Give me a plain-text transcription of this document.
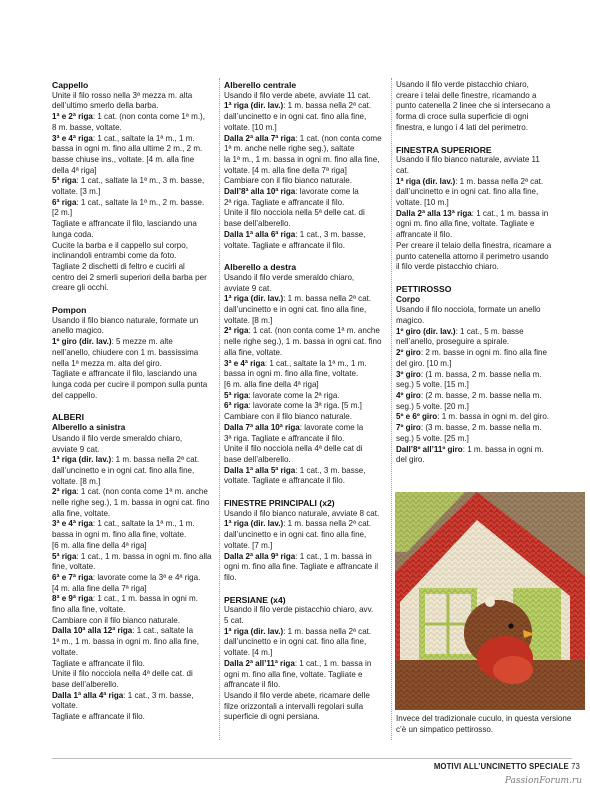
Cappello
Unite il filo rosso nella 3ª mezza m. alta
dell’ultimo smerlo della barba.
1ª e 2ª riga: 1 cat. (non conta come 1ª m.),
8 m. basse, voltate.
3ª e 4ª riga: 1 cat., saltate la 1ª m., 1 m.
bassa in ogni m. fino alla ultime 2 m., 2 m.
basse chiuse ins., voltate. [4 m. alla fine
della 4ª riga]
5ª riga: 1 cat., saltate la 1ª m., 3 m. basse,
voltate. [3 m.]
6ª riga: 1 cat., saltate la 1ª m., 2 m. basse.
[2 m.]
Tagliate e affrancate il filo, lasciando una
lunga coda.
Cucite la barba e il cappello sul corpo,
inclinandoli entrambi come da foto.
Tagliate 2 dischetti di feltro e cucirli al
centro dei 2 smerli superiori della barba per
creare gli occhi.
Pompon
Usando il filo bianco naturale, formate un
anello magico.
1º giro (dir. lav.): 5 mezze m. alte
nell’anello, chiudere con 1 m. bassissima
nella 1ª mezza m. alta del giro.
Tagliate e affrancate il filo, lasciando una
lunga coda per cucire il pompon sulla punta
del cappello.
ALBERI
Alberello a sinistra
Usando il filo verde smeraldo chiaro,
avviate 9 cat.
1ª riga (dir. lav.): 1 m. bassa nella 2ª cat.
dall’uncinetto e in ogni cat. fino alla fine,
voltate. [8 m.]
2ª riga: 1 cat. (non conta come 1ª m. anche
nelle righe seg.), 1 m. bassa in ogni cat. fino
alla fine, voltate.
3ª e 4ª riga: 1 cat., saltate la 1ª m., 1 m.
bassa in ogni m. fino alla fine, voltate.
[6 m. alla fine della 4ª riga]
5ª riga: 1 cat., 1 m. bassa in ogni m. fino alla
fine, voltate.
6ª e 7ª riga: lavorate come la 3ª e 4ª riga.
[4 m. alla fine della 7ª riga]
8ª e 9ª riga: 1 cat., 1 m. bassa in ogni m.
fino alla fine, voltate.
Cambiare con il filo bianco naturale.
Dalla 10ª alla 12ª riga: 1 cat., saltate la
1ª m., 1 m. bassa in ogni m. fino alla fine,
voltate.
Tagliate e affrancate il filo.
Unite il filo nocciola nella 4ª delle cat. di
base dell’alberello.
Dalla 1ª alla 4ª riga: 1 cat., 3 m. basse,
voltate.
Tagliate e affrancate il filo.
Alberello centrale
Usando il filo verde abete, avviate 11 cat.
1ª riga (dir. lav.): 1 m. bassa nella 2ª cat.
dall’uncinetto e in ogni cat. fino alla fine,
voltate. [10 m.]
Dalla 2ª alla 7ª riga: 1 cat. (non conta come
1ª m. anche nelle righe seg.), saltate
la 1ª m., 1 m. bassa in ogni m. fino alla fine,
voltate. [4 m. alla fine della 7ª riga]
Cambiare con il filo bianco naturale.
Dall’8ª alla 10ª riga: lavorate come la
2ª riga. Tagliate e affrancate il filo.
Unite il filo nocciola nella 5ª delle cat. di
base dell’alberello.
Dalla 1ª alla 6ª riga: 1 cat., 3 m. basse,
voltate. Tagliate e affrancate il filo.
Alberello a destra
Usando il filo verde smeraldo chiaro,
avviate 9 cat.
1ª riga (dir. lav.): 1 m. bassa nella 2ª cat.
dall’uncinetto e in ogni cat. fino alla fine,
voltate. [8 m.]
2ª riga: 1 cat. (non conta come 1ª m. anche
nelle righe seg.), 1 m. bassa in ogni cat. fino
alla fine, voltate.
3ª e 4ª riga: 1 cat., saltate la 1ª m., 1 m.
bassa in ogni m. fino alla fine, voltate.
[6 m. alla fine della 4ª riga]
5ª riga: lavorate come la 2ª riga.
6ª riga: lavorate come la 3ª riga. [5 m.]
Cambiare con il filo bianco naturale.
Dalla 7ª alla 10ª riga: lavorate come la
3ª riga. Tagliate e affrancate il filo.
Unite il filo nocciola nella 4ª delle cat di
base dell’alberello.
Dalla 1ª alla 5ª riga: 1 cat., 3 m. basse,
voltate. Tagliate e affrancate il filo.
FINESTRE PRINCIPALI (x2)
Usando il filo bianco naturale, avviate 8 cat.
1ª riga (dir. lav.): 1 m. bassa nella 2ª cat.
dall’uncinetto e in ogni cat. fino alla fine,
voltate. [7 m.]
Dalla 2ª alla 9ª riga: 1 cat., 1 m. bassa in
ogni m. fino alla fine. Tagliate e affrancate il
filo.
PERSIANE (x4)
Usando il filo verde pistacchio chiaro, avv.
5 cat.
1ª riga (dir. lav.): 1 m. bassa nella 2ª cat.
dall’uncinetto e in ogni cat. fino alla fine,
voltate. [4 m.]
Dalla 2ª all’11ª riga: 1 cat., 1 m. bassa in
ogni m. fino alla fine, voltate. Tagliate e
affrancate il filo.
Usando il filo verde abete, ricamare delle
filze orizzontali a intervalli regolari sulla
superficie di ogni persiana.
Usando il filo verde pistacchio chiaro,
creare i telai delle finestre, ricamando a
punto catenella 2 linee che si intersecano a
forma di croce sulla superficie di ogni
finestra, e lungo i 4 lati del perimetro.
FINESTRA SUPERIORE
Usando il filo bianco naturale, avviate 11
cat.
1ª riga (dir. lav.): 1 m. bassa nella 2ª cat.
dall’uncinetto e in ogni cat. fino alla fine,
voltate. [10 m.]
Dalla 2ª alla 13ª riga: 1 cat., 1 m. bassa in
ogni m. fino alla fine, voltate. Tagliate e
affrancate il filo.
Per creare il telaio della finestra, ricamare a
punto catenella attorno il perimetro usando
il filo verde pistacchio chiaro.
PETTIROSSO
Corpo
Usando il filo nocciola, formate un anello
magico.
1º giro (dir. lav.): 1 cat., 5 m. basse
nell’anello, proseguire a spirale.
2º giro: 2 m. basse in ogni m. fino alla fine
del giro. [10 m.]
3º giro: (1 m. bassa, 2 m. basse nella m.
seg.) 5 volte. [15 m.]
4º giro: (2 m. basse, 2 m. basse nella m.
seg.) 5 volte. [20 m.]
5º e 6º giro: 1 m. bassa in ogni m. del giro.
7º giro: (3 m. basse, 2 m. basse nella m.
seg.) 5 volte. [25 m.]
Dall’8º all’11º giro: 1 m. bassa in ogni m.
del giro.
Invece del tradizionale cuculo, in questa versione c’è un simpatico pettirosso.
MOTIVI ALL’UNCINETTO SPECIALE 73
PassionForum.ru
